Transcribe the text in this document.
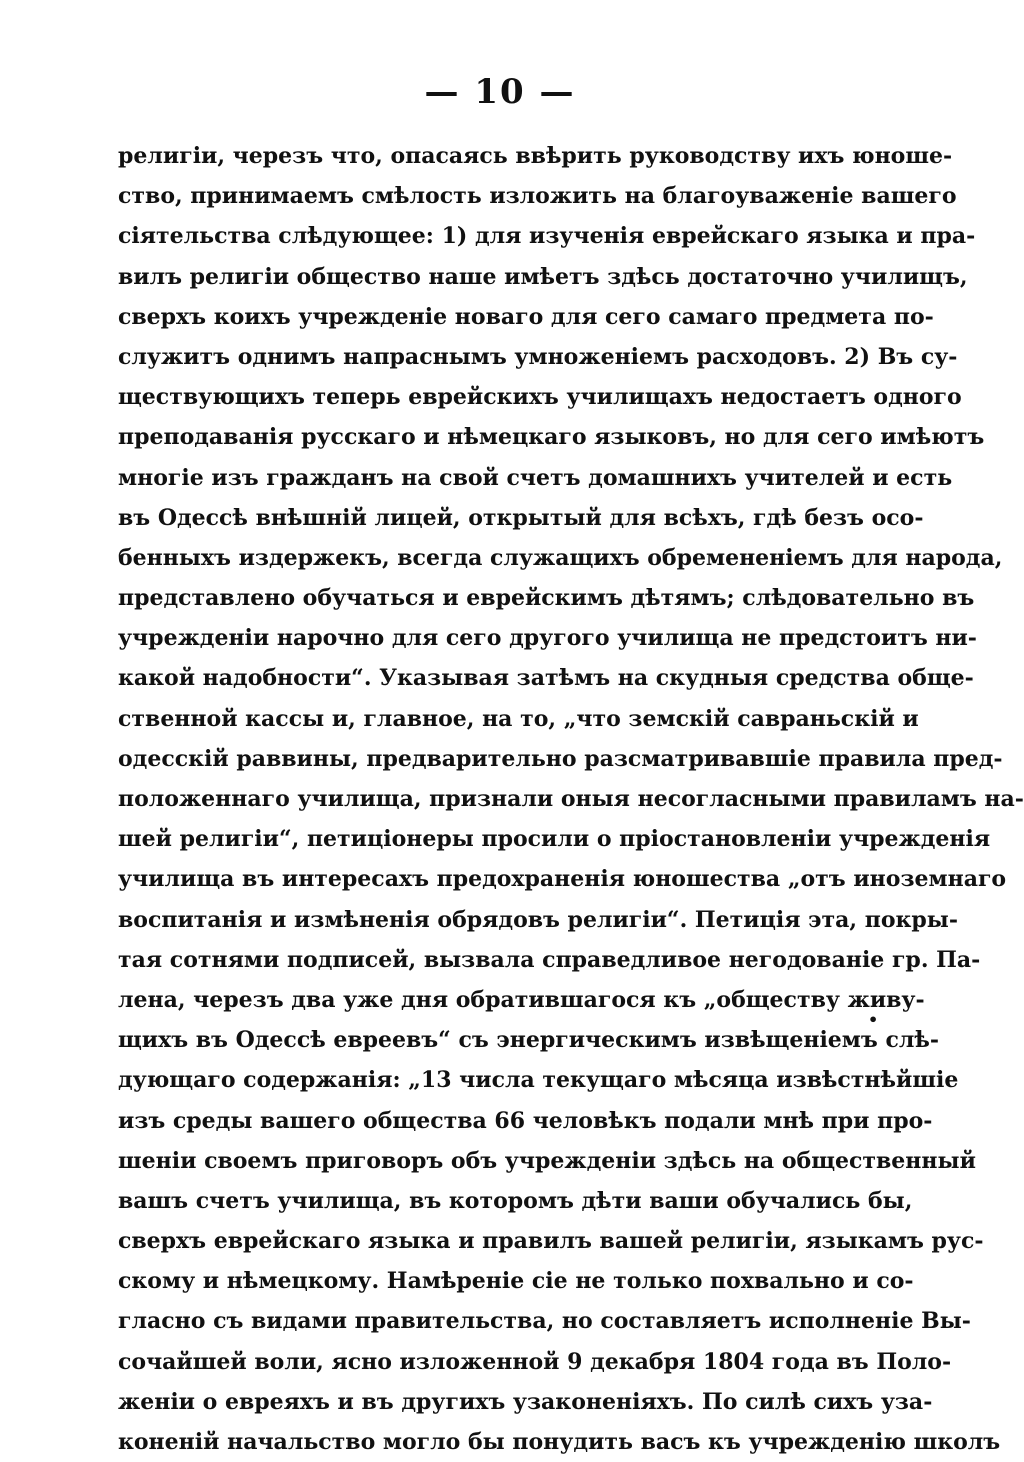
— 10 —
религіи, черезъ что, опасаясь ввѣрить руководству ихъ юноше-
ство, принимаемъ смѣлость изложить на благоуваженіе вашего
сіятельства слѣдующее: 1) для изученія еврейскаго языка и пра-
вилъ религіи общество наше имѣетъ здѣсь достаточно училищъ,
сверхъ коихъ учрежденіе новаго для сего самаго предмета по-
служитъ однимъ напраснымъ умноженіемъ расходовъ. 2) Въ су-
ществующихъ теперь еврейскихъ училищахъ недостаетъ одного
преподаванія русскаго и нѣмецкаго языковъ, но для сего имѣютъ
многіе изъ гражданъ на свой счетъ домашнихъ учителей и есть
въ Одессѣ внѣшній лицей, открытый для всѣхъ, гдѣ безъ осо-
бенныхъ издержекъ, всегда служащихъ обремененіемъ для народа,
представлено обучаться и еврейскимъ дѣтямъ; слѣдовательно въ
учрежденіи нарочно для сего другого училища не предстоитъ ни-
какой надобности“. Указывая затѣмъ на скудныя средства обще-
ственной кассы и, главное, на то, „что земскій савраньскій и
одесскій раввины, предварительно разсматривавшіе правила пред-
положеннаго училища, признали оныя несогласными правиламъ на-
шей религіи“, петиціонеры просили о пріостановленіи учрежденія
училища въ интересахъ предохраненія юношества „отъ иноземнаго
воспитанія и измѣненія обрядовъ религіи“. Петиція эта, покры-
тая сотнями подписей, вызвала справедливое негодованіе гр. Па-
лена, черезъ два уже дня обратившагося къ „обществу живу-
щихъ въ Одессѣ евреевъ“ съ энергическимъ извѣщеніемъ слѣ-
дующаго содержанія: „13 числа текущаго мѣсяца извѣстнѣйшіе
изъ среды вашего общества 66 человѣкъ подали мнѣ при про-
шеніи своемъ приговоръ объ учрежденіи здѣсь на общественный
вашъ счетъ училища, въ которомъ дѣти ваши обучались бы,
сверхъ еврейскаго языка и правилъ вашей религіи, языкамъ рус-
скому и нѣмецкому. Намѣреніе сіе не только похвально и со-
гласно съ видами правительства, но составляетъ исполненіе Вы-
сочайшей воли, ясно изложенной 9 декабря 1804 года въ Поло-
женіи о евреяхъ и въ другихъ узаконеніяхъ. По силѣ сихъ уза-
коненій начальство могло бы понудить васъ къ учрежденію школъ
•
